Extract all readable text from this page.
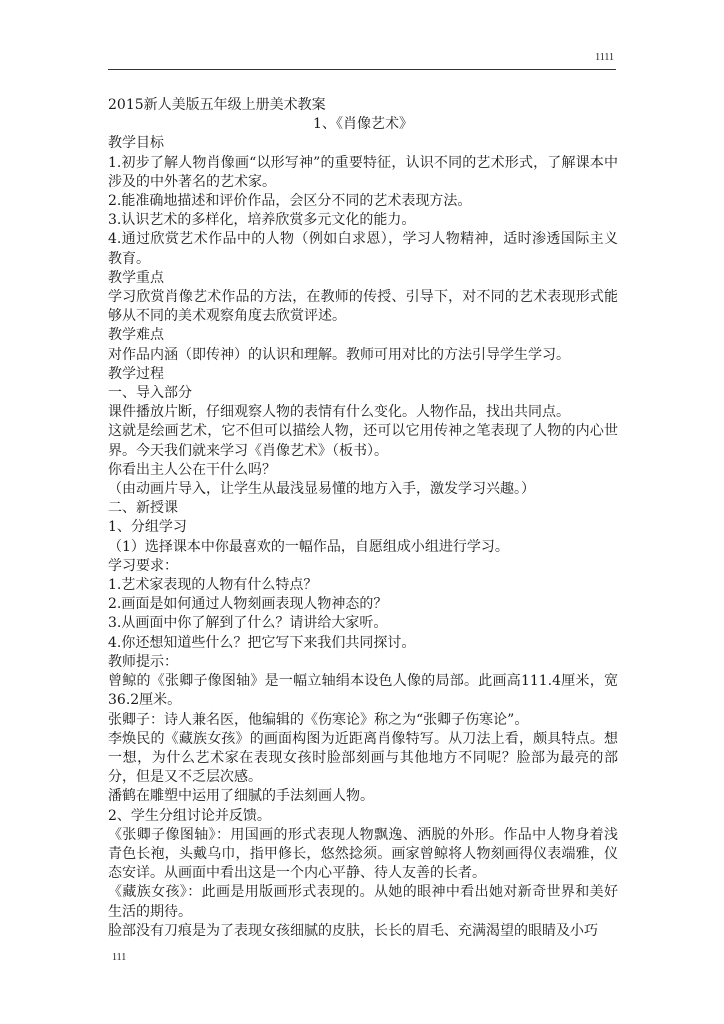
1111

2015新人美版五年级上册美术教案

1、《肖像艺术》

教学目标

1.初步了解人物肖像画“以形写神”的重要特征，认识不同的艺术形式，了解课本中涉及的中外著名的艺术家。

2.能准确地描述和评价作品，会区分不同的艺术表现方法。

3.认识艺术的多样化，培养欣赏多元文化的能力。

4.通过欣赏艺术作品中的人物（例如白求恩），学习人物精神，适时渗透国际主义教育。

教学重点

学习欣赏肖像艺术作品的方法，在教师的传授、引导下，对不同的艺术表现形式能够从不同的美术观察角度去欣赏评述。

教学难点

对作品内涵（即传神）的认识和理解。教师可用对比的方法引导学生学习。

教学过程

一、导入部分

课件播放片断，仔细观察人物的表情有什么变化。人物作品，找出共同点。

这就是绘画艺术，它不但可以描绘人物，还可以它用传神之笔表现了人物的内心世界。今天我们就来学习《肖像艺术》（板书）。

你看出主人公在干什么吗？

（由动画片导入，让学生从最浅显易懂的地方入手，激发学习兴趣。）

二、新授课

1、分组学习

（1）选择课本中你最喜欢的一幅作品，自愿组成小组进行学习。

学习要求：

1.艺术家表现的人物有什么特点？

2.画面是如何通过人物刻画表现人物神态的？

3.从画面中你了解到了什么？请讲给大家听。

4.你还想知道些什么？把它写下来我们共同探讨。

教师提示：

曾鲸的《张卿子像图轴》是一幅立轴绢本设色人像的局部。此画高111.4厘米，宽36.2厘米。

张卿子：诗人兼名医，他编辑的《伤寒论》称之为“张卿子伤寒论”。

李焕民的《藏族女孩》的画面构图为近距离肖像特写。从刀法上看，颇具特点。想一想，为什么艺术家在表现女孩时脸部刻画与其他地方不同呢？脸部为最亮的部分，但是又不乏层次感。

潘鹤在雕塑中运用了细腻的手法刻画人物。

2、学生分组讨论并反馈。

《张卿子像图轴》：用国画的形式表现人物飘逸、洒脱的外形。作品中人物身着浅青色长袍，头戴乌巾，指甲修长，悠然捻须。画家曾鲸将人物刻画得仪表端雅，仪态安详。从画面中看出这是一个内心平静、待人友善的长者。

《藏族女孩》：此画是用版画形式表现的。从她的眼神中看出她对新奇世界和美好生活的期待。

脸部没有刀痕是为了表现女孩细腻的皮肤，长长的眉毛、充满渴望的眼睛及小巧

111
